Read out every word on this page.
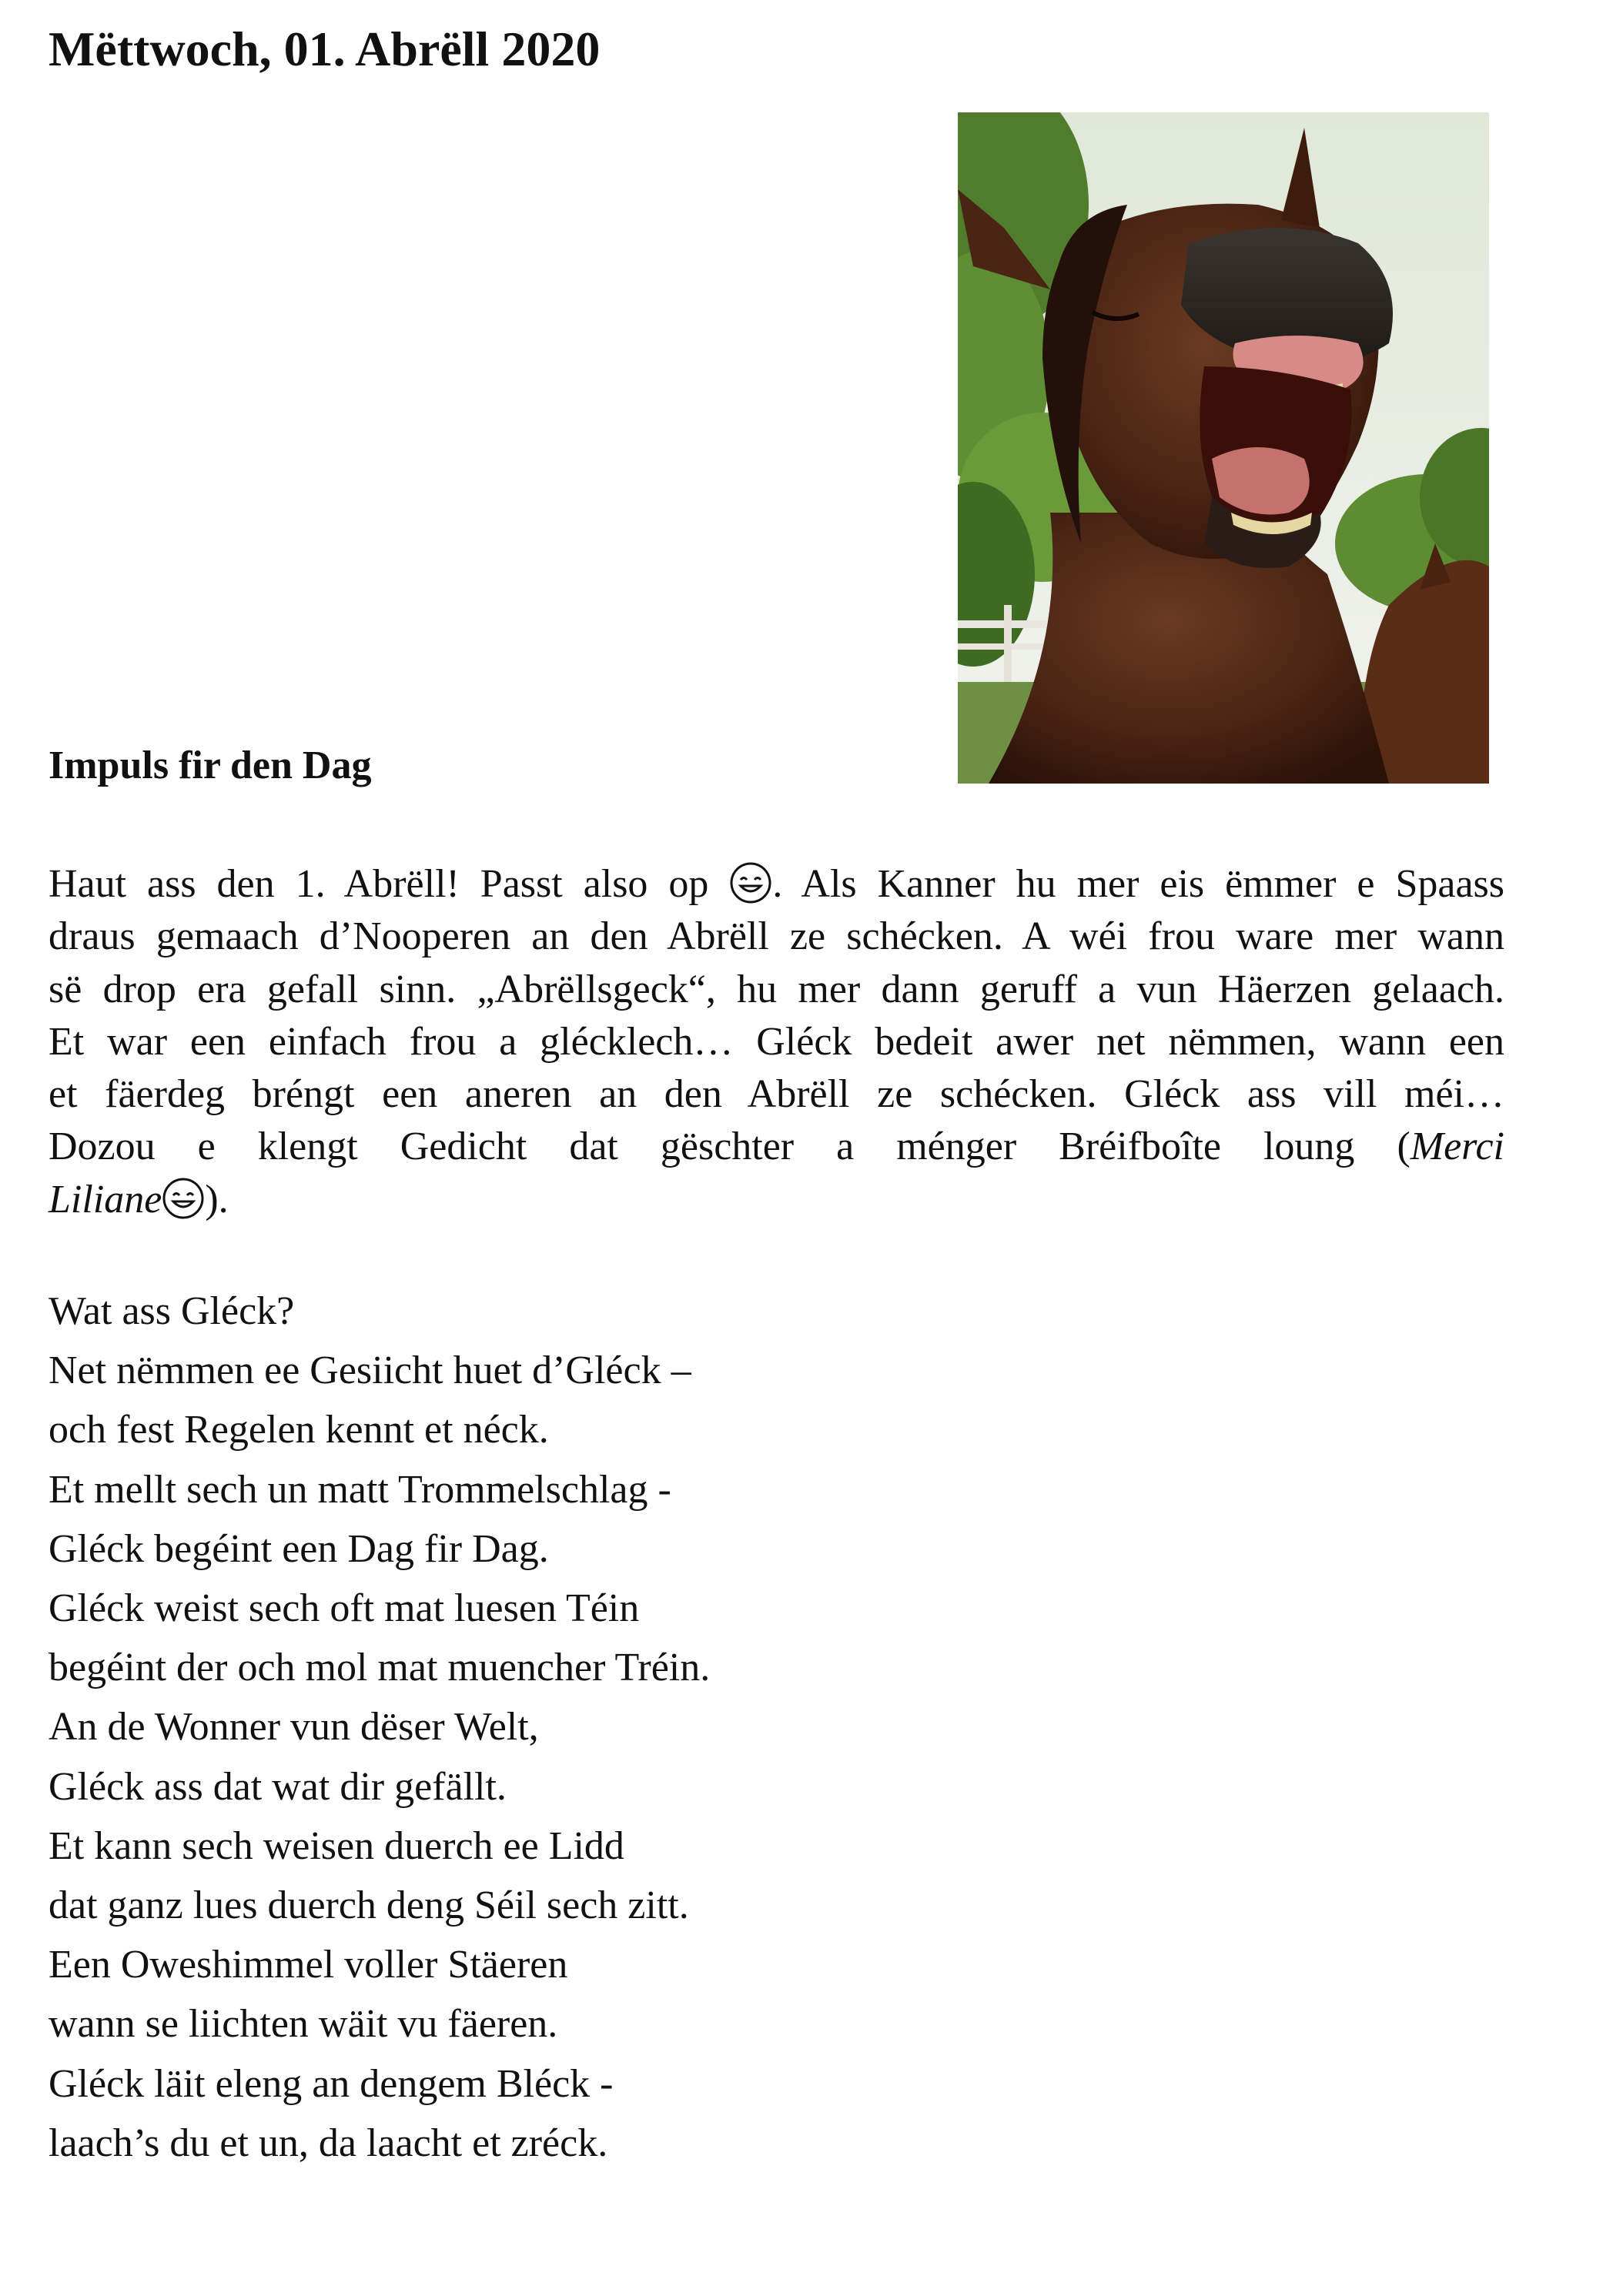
Mëttwoch, 01. Abrëll 2020
Impuls fir den Dag
Haut ass den 1. Abrëll! Passt also op
. Als Kanner hu mer eis ëmmer e Spaass
draus gemaach d’Nooperen an den Abrëll ze schécken. A wéi frou ware mer wann
së drop era gefall sinn. „Abrëllsgeck“, hu mer dann geruff a vun Häerzen gelaach.
Et war een einfach frou a glécklech… Gléck bedeit awer net nëmmen, wann een
et fäerdeg bréngt een aneren an den Abrëll ze schécken. Gléck ass vill méi…
Dozou e klengt Gedicht dat gëschter a ménger Bréifboîte loung (Merci
Liliane ).
Wat ass Gléck?
Net nëmmen ee Gesiicht huet d’Gléck –
och fest Regelen kennt et néck.
Et mellt sech un matt Trommelschlag -
Gléck begéint een Dag fir Dag.
Gléck weist sech oft mat luesen Téin
begéint der och mol mat muencher Tréin.
An de Wonner vun dëser Welt,
Gléck ass dat wat dir gefällt.
Et kann sech weisen duerch ee Lidd
dat ganz lues duerch deng Séil sech zitt.
Een Oweshimmel voller Stäeren
wann se liichten wäit vu fäeren.
Gléck läit eleng an dengem Bléck -
laach’s du et un, da laacht et zréck.
